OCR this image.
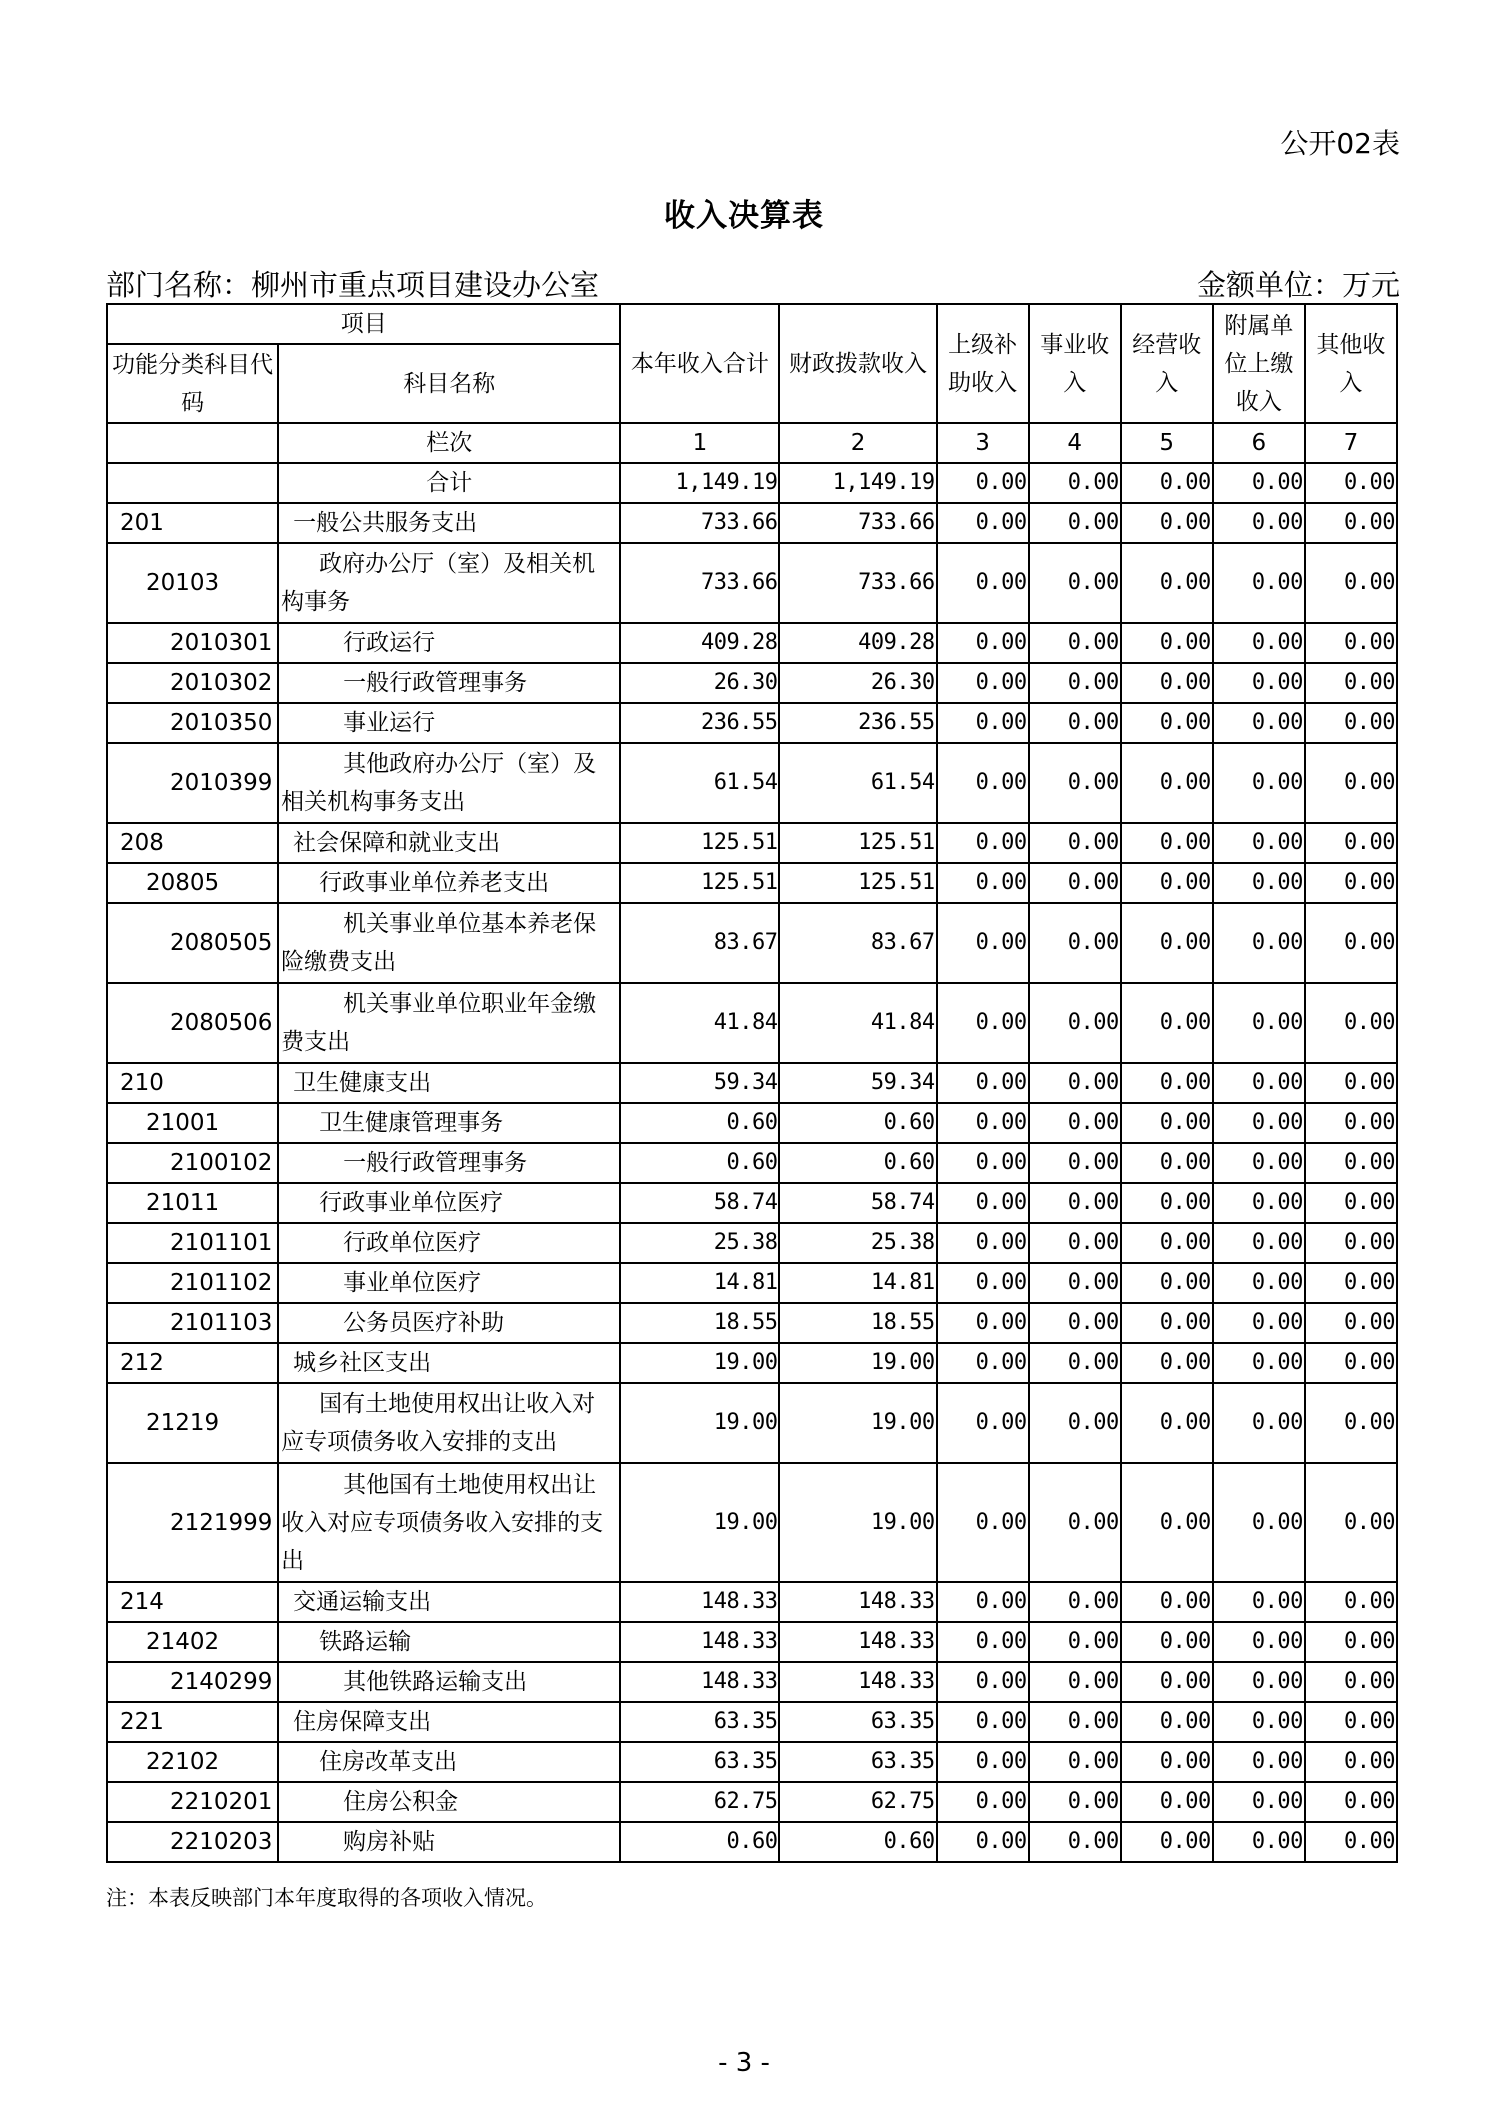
公开02表
收入决算表
部门名称：柳州市重点项目建设办公室	金额单位：万元
项目		本年收入合计	财政拨款收入	上级补助收入	事业收入	经营收入	附属单位上缴收入	其他收入
功能分类科目代码	科目名称							
	栏次	1	2	3	4	5	6	7
	合计	1,149.19	1,149.19	0.00	0.00	0.00	0.00	0.00
201	一般公共服务支出	733.66	733.66	0.00	0.00	0.00	0.00	0.00
20103	政府办公厅（室）及相关机构事务	733.66	733.66	0.00	0.00	0.00	0.00	0.00
2010301	行政运行	409.28	409.28	0.00	0.00	0.00	0.00	0.00
2010302	一般行政管理事务	26.30	26.30	0.00	0.00	0.00	0.00	0.00
2010350	事业运行	236.55	236.55	0.00	0.00	0.00	0.00	0.00
2010399	其他政府办公厅（室）及相关机构事务支出	61.54	61.54	0.00	0.00	0.00	0.00	0.00
208	社会保障和就业支出	125.51	125.51	0.00	0.00	0.00	0.00	0.00
20805	行政事业单位养老支出	125.51	125.51	0.00	0.00	0.00	0.00	0.00
2080505	机关事业单位基本养老保险缴费支出	83.67	83.67	0.00	0.00	0.00	0.00	0.00
2080506	机关事业单位职业年金缴费支出	41.84	41.84	0.00	0.00	0.00	0.00	0.00
210	卫生健康支出	59.34	59.34	0.00	0.00	0.00	0.00	0.00
21001	卫生健康管理事务	0.60	0.60	0.00	0.00	0.00	0.00	0.00
2100102	一般行政管理事务	0.60	0.60	0.00	0.00	0.00	0.00	0.00
21011	行政事业单位医疗	58.74	58.74	0.00	0.00	0.00	0.00	0.00
2101101	行政单位医疗	25.38	25.38	0.00	0.00	0.00	0.00	0.00
2101102	事业单位医疗	14.81	14.81	0.00	0.00	0.00	0.00	0.00
2101103	公务员医疗补助	18.55	18.55	0.00	0.00	0.00	0.00	0.00
212	城乡社区支出	19.00	19.00	0.00	0.00	0.00	0.00	0.00
21219	国有土地使用权出让收入对应专项债务收入安排的支出	19.00	19.00	0.00	0.00	0.00	0.00	0.00
2121999	其他国有土地使用权出让收入对应专项债务收入安排的支出	19.00	19.00	0.00	0.00	0.00	0.00	0.00
214	交通运输支出	148.33	148.33	0.00	0.00	0.00	0.00	0.00
21402	铁路运输	148.33	148.33	0.00	0.00	0.00	0.00	0.00
2140299	其他铁路运输支出	148.33	148.33	0.00	0.00	0.00	0.00	0.00
221	住房保障支出	63.35	63.35	0.00	0.00	0.00	0.00	0.00
22102	住房改革支出	63.35	63.35	0.00	0.00	0.00	0.00	0.00
2210201	住房公积金	62.75	62.75	0.00	0.00	0.00	0.00	0.00
2210203	购房补贴	0.60	0.60	0.00	0.00	0.00	0.00	0.00
注：本表反映部门本年度取得的各项收入情况。
- 3 -
